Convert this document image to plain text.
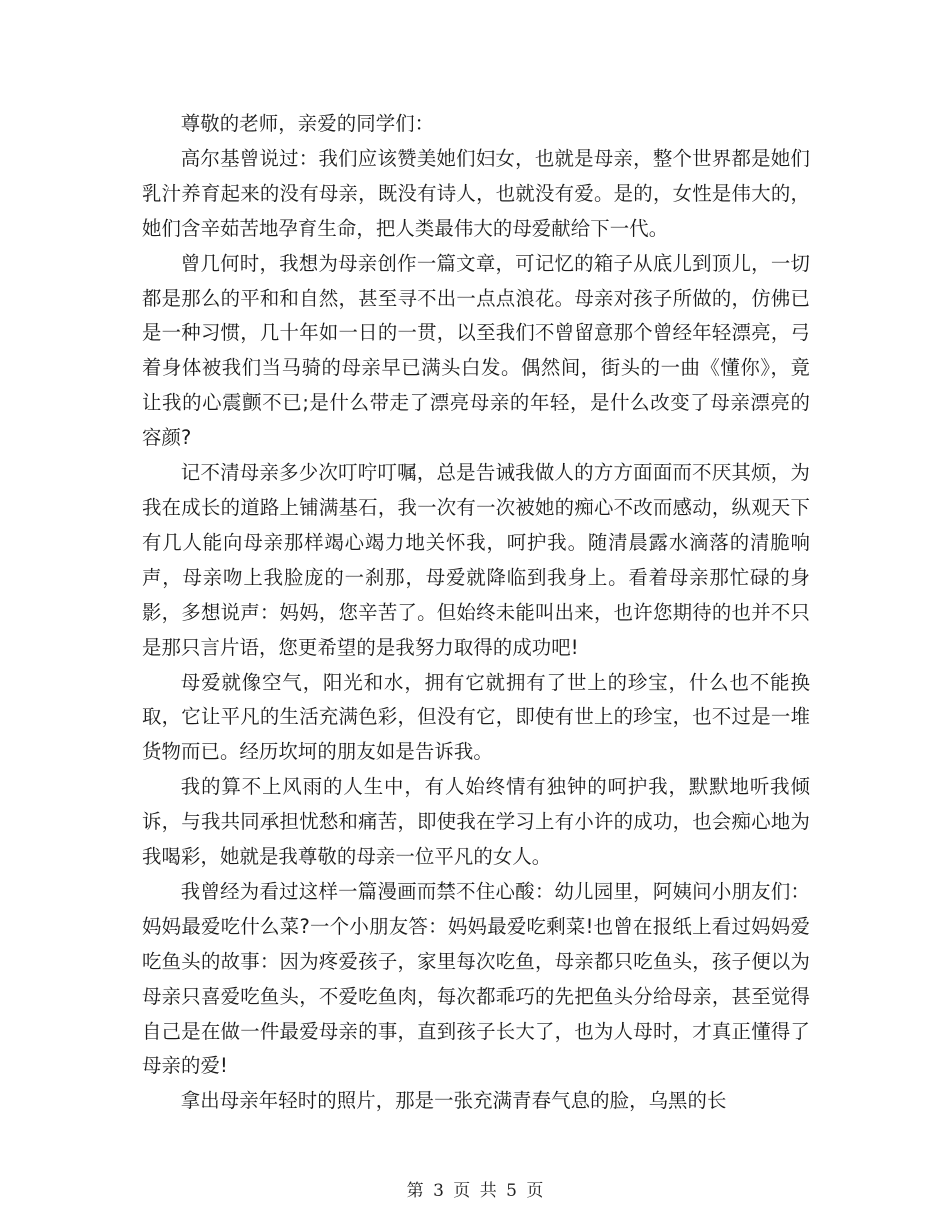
尊敬的老师，亲爱的同学们：

高尔基曾说过：我们应该赞美她们妇女，也就是母亲，整个世界都是她们乳汁养育起来的没有母亲，既没有诗人，也就没有爱。是的，女性是伟大的，她们含辛茹苦地孕育生命，把人类最伟大的母爱献给下一代。

曾几何时，我想为母亲创作一篇文章，可记忆的箱子从底儿到顶儿，一切都是那么的平和和自然，甚至寻不出一点点浪花。母亲对孩子所做的，仿佛已是一种习惯，几十年如一日的一贯，以至我们不曾留意那个曾经年轻漂亮，弓着身体被我们当马骑的母亲早已满头白发。偶然间，街头的一曲《懂你》，竟让我的心震颤不已;是什么带走了漂亮母亲的年轻，是什么改变了母亲漂亮的容颜?

记不清母亲多少次叮咛叮嘱，总是告诫我做人的方方面面而不厌其烦，为我在成长的道路上铺满基石，我一次有一次被她的痴心不改而感动，纵观天下有几人能向母亲那样竭心竭力地关怀我，呵护我。随清晨露水滴落的清脆响声，母亲吻上我脸庞的一刹那，母爱就降临到我身上。看着母亲那忙碌的身影，多想说声：妈妈，您辛苦了。但始终未能叫出来，也许您期待的也并不只是那只言片语，您更希望的是我努力取得的成功吧!

母爱就像空气，阳光和水，拥有它就拥有了世上的珍宝，什么也不能换取，它让平凡的生活充满色彩，但没有它，即使有世上的珍宝，也不过是一堆货物而已。经历坎坷的朋友如是告诉我。

我的算不上风雨的人生中，有人始终情有独钟的呵护我，默默地听我倾诉，与我共同承担忧愁和痛苦，即使我在学习上有小许的成功，也会痴心地为我喝彩，她就是我尊敬的母亲一位平凡的女人。

我曾经为看过这样一篇漫画而禁不住心酸：幼儿园里，阿姨问小朋友们：妈妈最爱吃什么菜?一个小朋友答：妈妈最爱吃剩菜!也曾在报纸上看过妈妈爱吃鱼头的故事：因为疼爱孩子，家里每次吃鱼，母亲都只吃鱼头，孩子便以为母亲只喜爱吃鱼头，不爱吃鱼肉，每次都乖巧的先把鱼头分给母亲，甚至觉得自己是在做一件最爱母亲的事，直到孩子长大了，也为人母时，才真正懂得了母亲的爱!

拿出母亲年轻时的照片，那是一张充满青春气息的脸，乌黑的长

第 3 页 共 5 页
